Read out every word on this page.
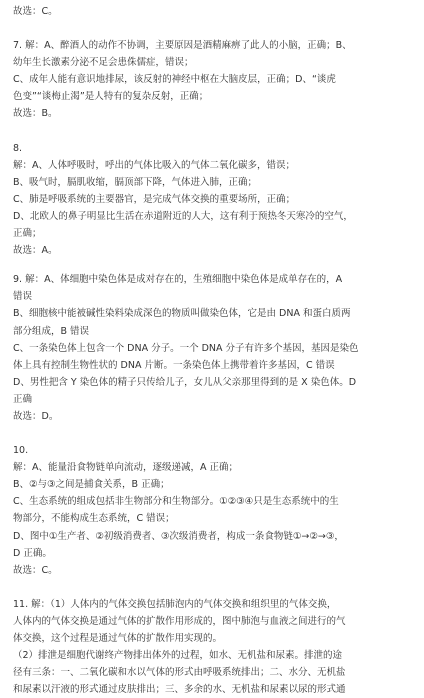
故选：C。
7. 解：A、醉酒人的动作不协调，主要原因是酒精麻痹了此人的小脑，正确；B、
幼年生长激素分泌不足会患侏儒症，错误；
C、成年人能有意识地排尿，该反射的神经中枢在大脑皮层，正确；D、“谈虎
色变”“谈梅止渴”是人特有的复杂反射，正确；
故选：B。
8.
解：A、人体呼吸时，呼出的气体比吸入的气体二氧化碳多，错误；
B、吸气时，膈肌收缩，膈顶部下降，气体进入肺，正确；
C、肺是呼吸系统的主要器官，是完成气体交换的重要场所，正确；
D、北欧人的鼻子明显比生活在赤道附近的人大，这有利于预热冬天寒冷的空气，
正确；
故选：A。
9. 解：A、体细胞中染色体是成对存在的，生殖细胞中染色体是成单存在的，A
错误
B、细胞核中能被碱性染料染成深色的物质叫做染色体，它是由 DNA 和蛋白质两
部分组成，B 错误
C、一条染色体上包含一个 DNA 分子。一个 DNA 分子有许多个基因，基因是染色
体上具有控制生物性状的 DNA 片断。一条染色体上携带着许多基因，C 错误
D、男性把含 Y 染色体的精子只传给儿子，女儿从父亲那里得到的是 X 染色体。D
正确
故选：D。
10.
解：A、能量沿食物链单向流动，逐级递减，A 正确；
B、②与③之间是捕食关系，B 正确；
C、生态系统的组成包括非生物部分和生物部分。①②③④只是生态系统中的生
物部分，不能构成生态系统，C 错误；
D、图中①生产者、②初级消费者、③次级消费者，构成一条食物链①→②→③，
D 正确。
故选：C。
11. 解：（1）人体内的气体交换包括肺泡内的气体交换和组织里的气体交换，
人体内的气体交换是通过气体的扩散作用形成的，图中肺泡与血液之间进行的气
体交换，这个过程是通过气体的扩散作用实现的。
（2）排泄是细胞代谢终产物排出体外的过程，如水、无机盐和尿素。排泄的途
径有三条：一、二氧化碳和水以气体的形式由呼吸系统排出；二、水分、无机盐
和尿素以汗液的形式通过皮肤排出；三、多余的水、无机盐和尿素以尿的形式通
